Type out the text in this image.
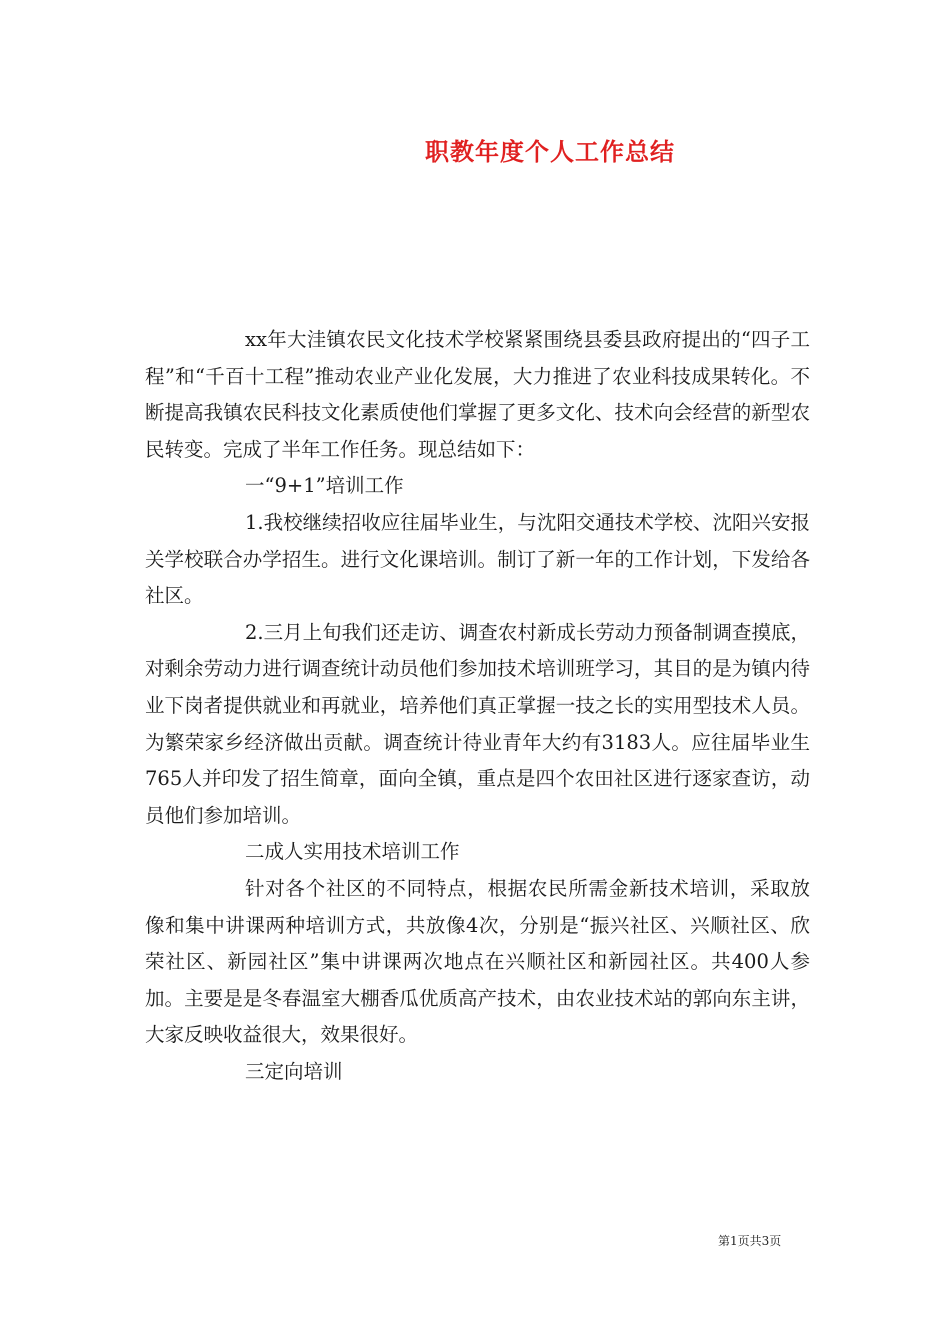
职教年度个人工作总结

xx年大洼镇农民文化技术学校紧紧围绕县委县政府提出的“四子工程”和“千百十工程”推动农业产业化发展，大力推进了农业科技成果转化。不断提高我镇农民科技文化素质使他们掌握了更多文化、技术向会经营的新型农民转变。完成了半年工作任务。现总结如下：

一“9+1”培训工作

1.我校继续招收应往届毕业生，与沈阳交通技术学校、沈阳兴安报关学校联合办学招生。进行文化课培训。制订了新一年的工作计划，下发给各社区。

2.三月上旬我们还走访、调查农村新成长劳动力预备制调查摸底，对剩余劳动力进行调查统计动员他们参加技术培训班学习，其目的是为镇内待业下岗者提供就业和再就业，培养他们真正掌握一技之长的实用型技术人员。为繁荣家乡经济做出贡献。调查统计待业青年大约有3183人。应往届毕业生765人并印发了招生简章，面向全镇，重点是四个农田社区进行逐家查访，动员他们参加培训。

二成人实用技术培训工作

针对各个社区的不同特点，根据农民所需金新技术培训，采取放像和集中讲课两种培训方式，共放像4次，分别是“振兴社区、兴顺社区、欣荣社区、新园社区”集中讲课两次地点在兴顺社区和新园社区。共400人参加。主要是是冬春温室大棚香瓜优质高产技术，由农业技术站的郭向东主讲，大家反映收益很大，效果很好。

三定向培训

第1页共3页
